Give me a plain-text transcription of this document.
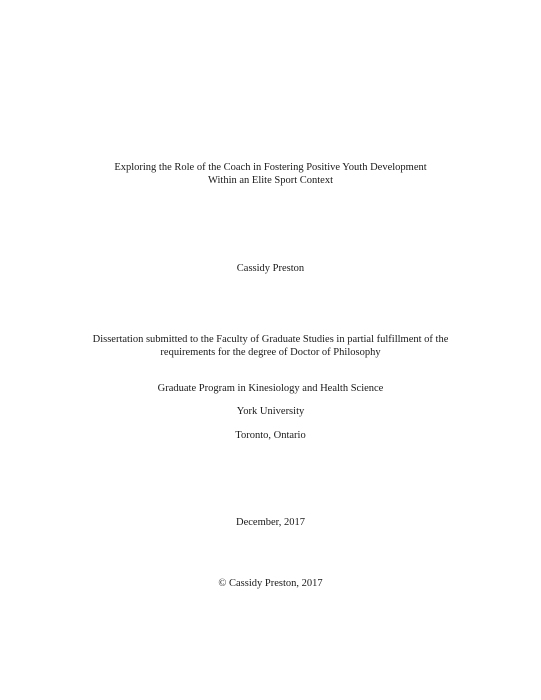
Exploring the Role of the Coach in Fostering Positive Youth Development
Within an Elite Sport Context
Cassidy Preston
Dissertation submitted to the Faculty of Graduate Studies in partial fulfillment of the
requirements for the degree of Doctor of Philosophy
Graduate Program in Kinesiology and Health Science
York University
Toronto, Ontario
December, 2017
© Cassidy Preston, 2017
